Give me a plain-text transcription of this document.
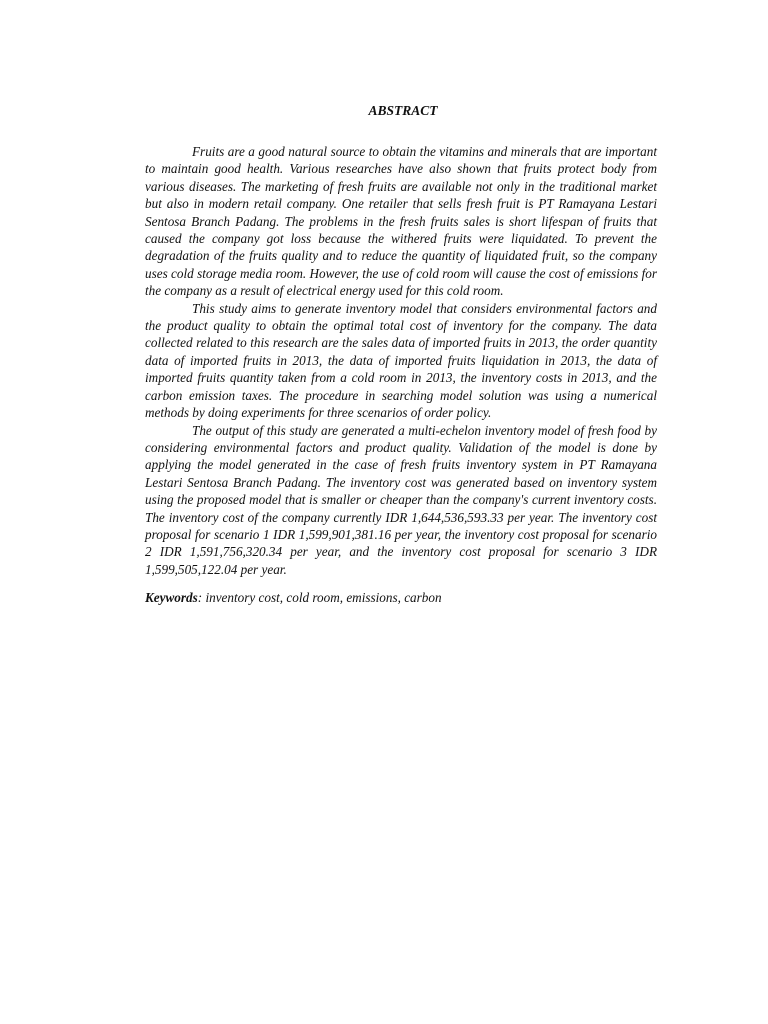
ABSTRACT

Fruits are a good natural source to obtain the vitamins and minerals that are important to maintain good health. Various researches have also shown that fruits protect body from various diseases. The marketing of fresh fruits are available not only in the traditional market but also in modern retail company. One retailer that sells fresh fruit is PT Ramayana Lestari Sentosa Branch Padang. The problems in the fresh fruits sales is short lifespan of fruits that caused the company got loss because the withered fruits were liquidated. To prevent the degradation of the fruits quality and to reduce the quantity of liquidated fruit, so the company uses cold storage media room. However, the use of cold room will cause the cost of emissions for the company as a result of electrical energy used for this cold room.

This study aims to generate inventory model that considers environmental factors and the product quality to obtain the optimal total cost of inventory for the company. The data collected related to this research are the sales data of imported fruits in 2013, the order quantity data of imported fruits in 2013, the data of imported fruits liquidation in 2013, the data of imported fruits quantity taken from a cold room in 2013, the inventory costs in 2013, and the carbon emission taxes. The procedure in searching model solution was using a numerical methods by doing experiments for three scenarios of order policy.

The output of this study are generated a multi-echelon inventory model of fresh food by considering environmental factors and product quality. Validation of the model is done by applying the model generated in the case of fresh fruits inventory system in PT Ramayana Lestari Sentosa Branch Padang. The inventory cost was generated based on inventory system using the proposed model that is smaller or cheaper than the company's current inventory costs. The inventory cost of the company currently IDR 1,644,536,593.33 per year. The inventory cost proposal for scenario 1 IDR 1,599,901,381.16 per year, the inventory cost proposal for scenario 2 IDR 1,591,756,320.34 per year, and the inventory cost proposal for scenario 3 IDR 1,599,505,122.04 per year.

Keywords: inventory cost, cold room, emissions, carbon
